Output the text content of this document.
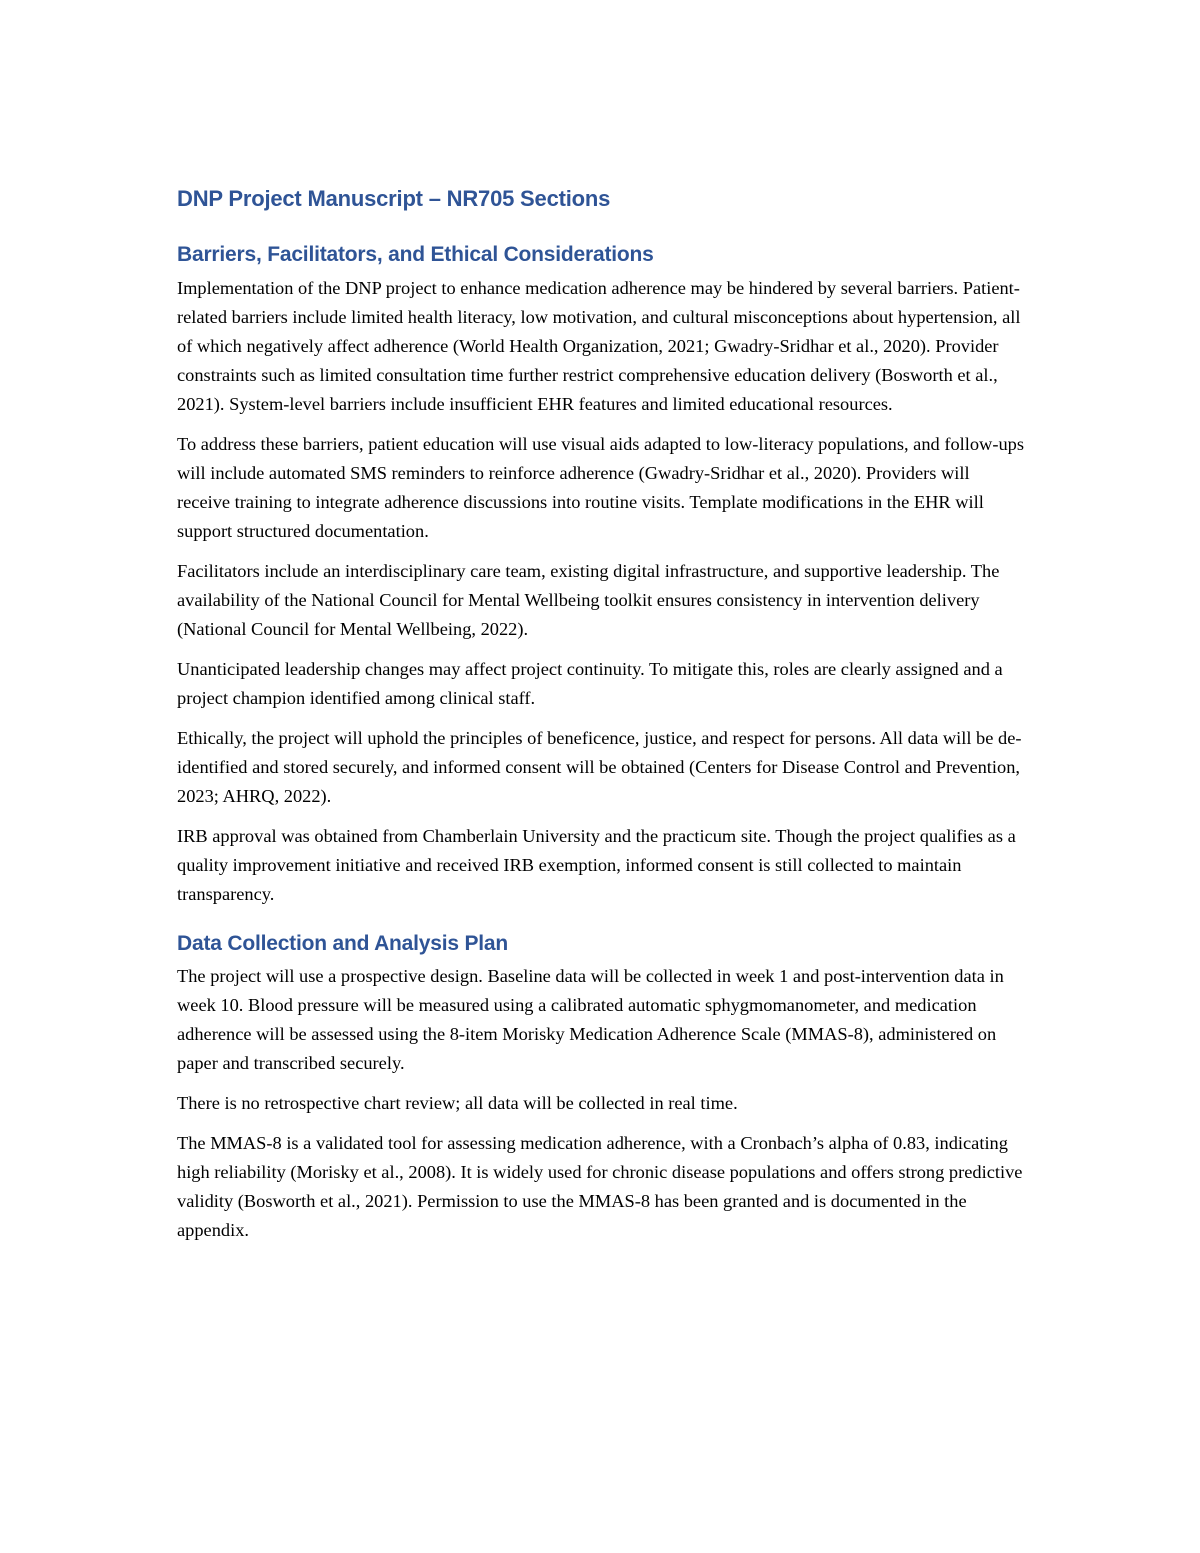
DNP Project Manuscript – NR705 Sections
Barriers, Facilitators, and Ethical Considerations

Implementation of the DNP project to enhance medication adherence may be hindered by several barriers. Patient-related barriers include limited health literacy, low motivation, and cultural misconceptions about hypertension, all of which negatively affect adherence (World Health Organization, 2021; Gwadry-Sridhar et al., 2020). Provider constraints such as limited consultation time further restrict comprehensive education delivery (Bosworth et al., 2021). System-level barriers include insufficient EHR features and limited educational resources.

To address these barriers, patient education will use visual aids adapted to low-literacy populations, and follow-ups will include automated SMS reminders to reinforce adherence (Gwadry-Sridhar et al., 2020). Providers will receive training to integrate adherence discussions into routine visits. Template modifications in the EHR will support structured documentation.

Facilitators include an interdisciplinary care team, existing digital infrastructure, and supportive leadership. The availability of the National Council for Mental Wellbeing toolkit ensures consistency in intervention delivery (National Council for Mental Wellbeing, 2022).

Unanticipated leadership changes may affect project continuity. To mitigate this, roles are clearly assigned and a project champion identified among clinical staff.

Ethically, the project will uphold the principles of beneficence, justice, and respect for persons. All data will be de-identified and stored securely, and informed consent will be obtained (Centers for Disease Control and Prevention, 2023; AHRQ, 2022).

IRB approval was obtained from Chamberlain University and the practicum site. Though the project qualifies as a quality improvement initiative and received IRB exemption, informed consent is still collected to maintain transparency.

Data Collection and Analysis Plan

The project will use a prospective design. Baseline data will be collected in week 1 and post-intervention data in week 10. Blood pressure will be measured using a calibrated automatic sphygmomanometer, and medication adherence will be assessed using the 8-item Morisky Medication Adherence Scale (MMAS-8), administered on paper and transcribed securely.

There is no retrospective chart review; all data will be collected in real time.

The MMAS-8 is a validated tool for assessing medication adherence, with a Cronbach’s alpha of 0.83, indicating high reliability (Morisky et al., 2008). It is widely used for chronic disease populations and offers strong predictive validity (Bosworth et al., 2021). Permission to use the MMAS-8 has been granted and is documented in the appendix.
